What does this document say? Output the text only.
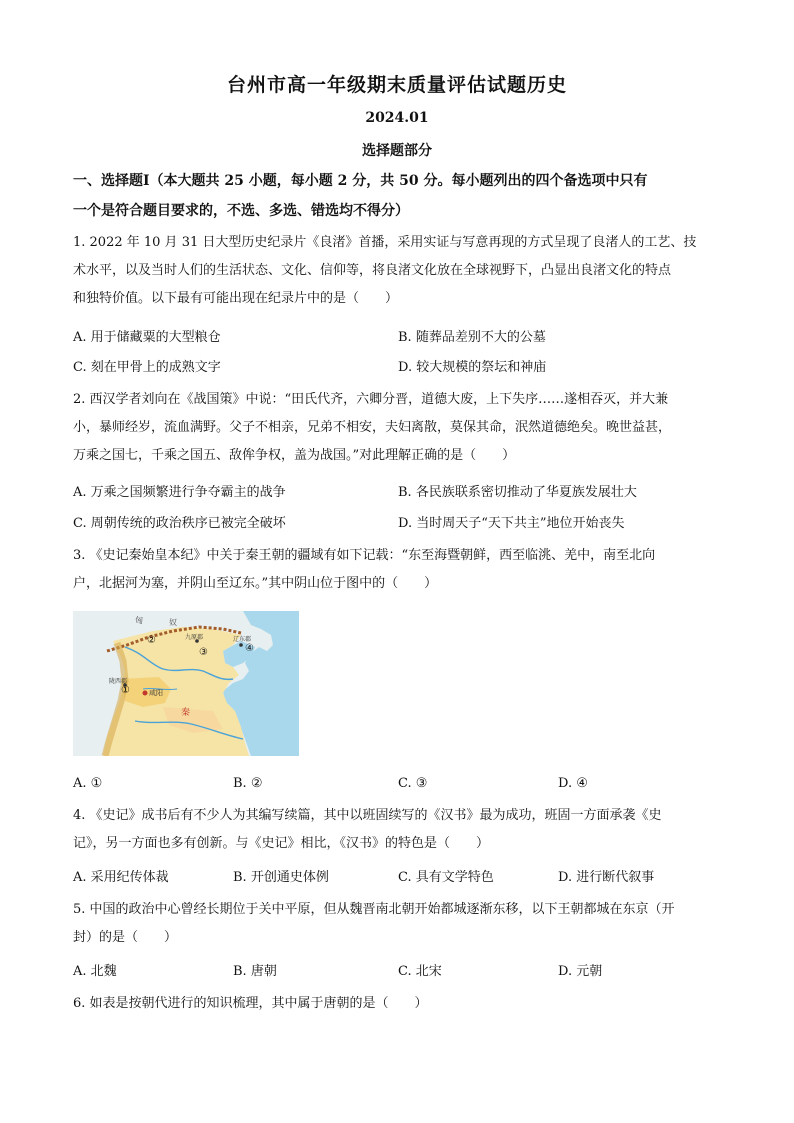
台州市高一年级期末质量评估试题历史
2024.01
选择题部分
一、选择题Ⅰ（本大题共 25 小题，每小题 2 分，共 50 分。每小题列出的四个备选项中只有
一个是符合题目要求的，不选、多选、错选均不得分）
1. 2022 年 10 月 31 日大型历史纪录片《良渚》首播，采用实证与写意再现的方式呈现了良渚人的工艺、技
术水平，以及当时人们的生活状态、文化、信仰等，将良渚文化放在全球视野下，凸显出良渚文化的特点
和独特价值。以下最有可能出现在纪录片中的是（　　）
A. 用于储藏粟的大型粮仓	B. 随葬品差别不大的公墓
C. 刻在甲骨上的成熟文字	D. 较大规模的祭坛和神庙
2. 西汉学者刘向在《战国策》中说：“田氏代齐，六卿分晋，道德大废，上下失序……遂相吞灭，并大兼
小，暴师经岁，流血满野。父子不相亲，兄弟不相安，夫妇离散，莫保其命，泯然道德绝矣。晚世益甚，
万乘之国七，千乘之国五、敌侔争权，盖为战国。”对此理解正确的是（　　）
A. 万乘之国频繁进行争夺霸主的战争	B. 各民族联系密切推动了华夏族发展壮大
C. 周朝传统的政治秩序已被完全破坏	D. 当时周天子“天下共主”地位开始丧失
3. 《史记秦始皇本纪》中关于秦王朝的疆域有如下记载：“东至海暨朝鲜，西至临洮、羌中，南至北向
户，北据河为塞，并阴山至辽东。”其中阴山位于图中的（　　）
匈	奴
陇西郡
咸阳
秦
九原郡	辽东郡
①
②
③	④
A. ①	B. ②	C. ③	D. ④
4. 《史记》成书后有不少人为其编写续篇，其中以班固续写的《汉书》最为成功，班固一方面承袭《史
记》，另一方面也多有创新。与《史记》相比，《汉书》的特色是（　　）
A. 采用纪传体裁	B. 开创通史体例	C. 具有文学特色	D. 进行断代叙事
5. 中国的政治中心曾经长期位于关中平原，但从魏晋南北朝开始都城逐渐东移，以下王朝都城在东京（开
封）的是（　　）
A. 北魏	B. 唐朝	C. 北宋	D. 元朝
6. 如表是按朝代进行的知识梳理，其中属于唐朝的是（　　）
